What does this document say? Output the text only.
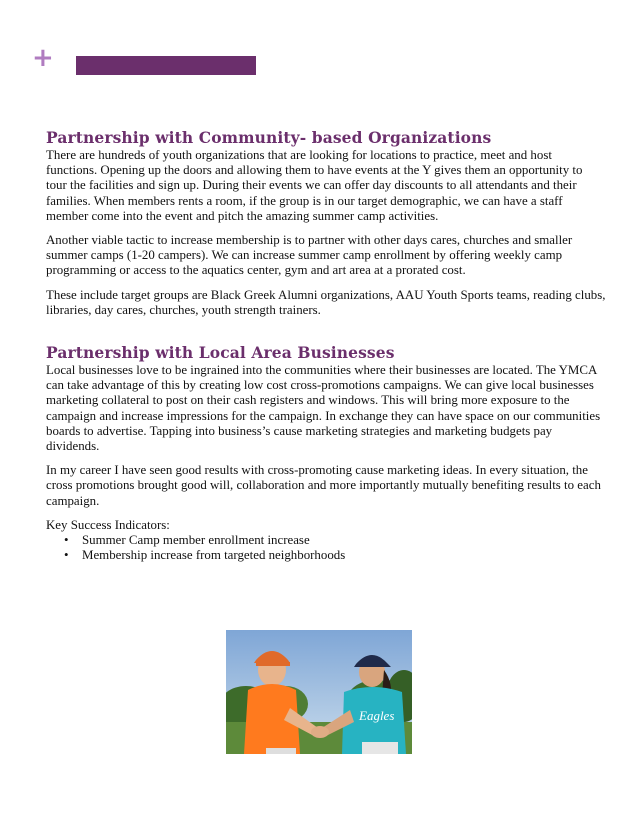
+
Partnership with Community- based Organizations

There are hundreds of youth organizations that are looking for locations to practice, meet and host functions. Opening up the doors and allowing them to have events at the Y gives them an opportunity to tour the facilities and sign up. During their events we can offer day discounts to all attendants and their families. When members rents a room, if the group is in our target demographic, we can have a staff member come into the event and pitch the amazing summer camp activities.

Another viable tactic to increase membership is to partner with other days cares, churches and smaller summer camps (1-20 campers). We can increase summer camp enrollment by offering weekly camp programming or access to the aquatics center, gym and art area at a prorated cost.

These include target groups are Black Greek Alumni organizations, AAU Youth Sports teams, reading clubs, libraries, day cares, churches, youth strength trainers.

Partnership with Local Area Businesses

Local businesses love to be ingrained into the communities where their businesses are located. The YMCA can take advantage of this by creating low cost cross-promotions campaigns. We can give local businesses marketing collateral to post on their cash registers and windows. This will bring more exposure to the campaign and increase impressions for the campaign. In exchange they can have space on our communities boards to advertise. Tapping into business’s cause marketing strategies and marketing budgets pay dividends.

In my career I have seen good results with cross-promoting cause marketing ideas. In every situation, the cross promotions brought good will, collaboration and more importantly mutually benefiting results to each campaign.

Key Success Indicators:
• Summer Camp member enrollment increase
• Membership increase from targeted neighborhoods
Eagles
